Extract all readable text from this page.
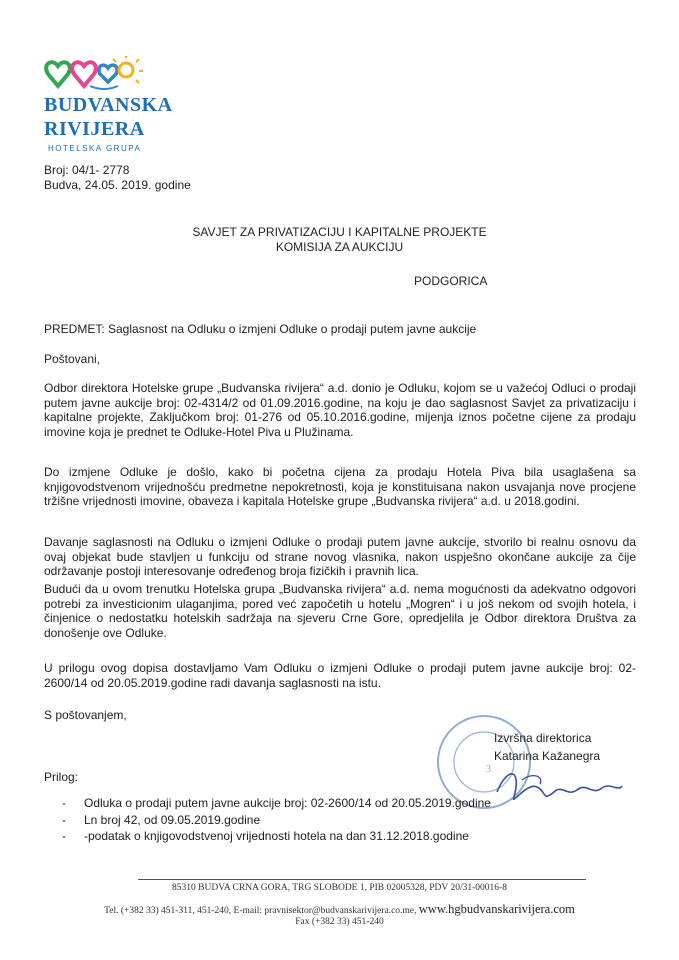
BUDVANSKA
RIVIJERA
HOTELSKA GRUPA
Broj: 04/1- 2778
Budva, 24.05. 2019. godine
SAVJET ZA PRIVATIZACIJU I KAPITALNE PROJEKTE
KOMISIJA ZA AUKCIJU
PODGORICA
PREDMET: Saglasnost na Odluku o izmjeni Odluke o prodaji putem javne aukcije
Poštovani,
Odbor direktora Hotelske grupe „Budvanska rivijera“ a.d. donio je Odluku, kojom se u važećoj Odluci o prodaji putem javne aukcije broj: 02-4314/2 od 01.09.2016.godine, na koju je dao saglasnost Savjet za privatizaciju i kapitalne projekte, Zaključkom broj: 01-276 od 05.10.2016.godine, mijenja iznos početne cijene za prodaju imovine koja je prednet te Odluke-Hotel Piva u Plužinama.
Do izmjene Odluke je došlo, kako bi početna cijena za prodaju Hotela Piva bila usaglašena sa knjigovodstvenom vrijednošću predmetne nepokretnosti, koja je konstituisana nakon usvajanja nove procjene tržišne vrijednosti imovine, obaveza i kapitala Hotelske grupe „Budvanska rivijera“ a.d. u 2018.godini.
Davanje saglasnosti na Odluku o izmjeni Odluke o prodaji putem javne aukcije, stvorilo bi realnu osnovu da ovaj objekat bude stavljen u funkciju od strane novog vlasnika, nakon uspješno okončane aukcije za čije održavanje postoji interesovanje određenog broja fizičkih i pravnih lica.
Budući da u ovom trenutku Hotelska grupa „Budvanska rivijera“ a.d. nema mogućnosti da adekvatno odgovori potrebi za investicionim ulaganjima, pored već započetih u hotelu „Mogren“ i u još nekom od svojih hotela, i činjenice o nedostatku hotelskih sadržaja na sjeveru Crne Gore, opredjelila je Odbor direktora Društva za donošenje ove Odluke.
U prilogu ovog dopisa dostavljamo Vam Odluku o izmjeni Odluke o prodaji putem javne aukcije broj: 02-2600/14 od 20.05.2019.godine radi davanja saglasnosti na istu.
S poštovanjem,
3
Izvršna direktorica
Katarina Kažanegra
Prilog:
-	Odluka o prodaji putem javne aukcije broj: 02-2600/14 od 20.05.2019.godine
-	Ln broj 42, od 09.05.2019.godine
-	-podatak o knjigovodstvenoj vrijednosti hotela na dan 31.12.2018.godine
85310 BUDVA CRNA GORA, TRG SLOBODE 1, PIB 02005328, PDV 20/31-00016-8
Tel. (+382 33) 451-311, 451-240, E-mail: pravnisektor@budvanskarivijera.co.me, www.hgbudvanskarivijera.com
Fax (+382 33) 451-240
